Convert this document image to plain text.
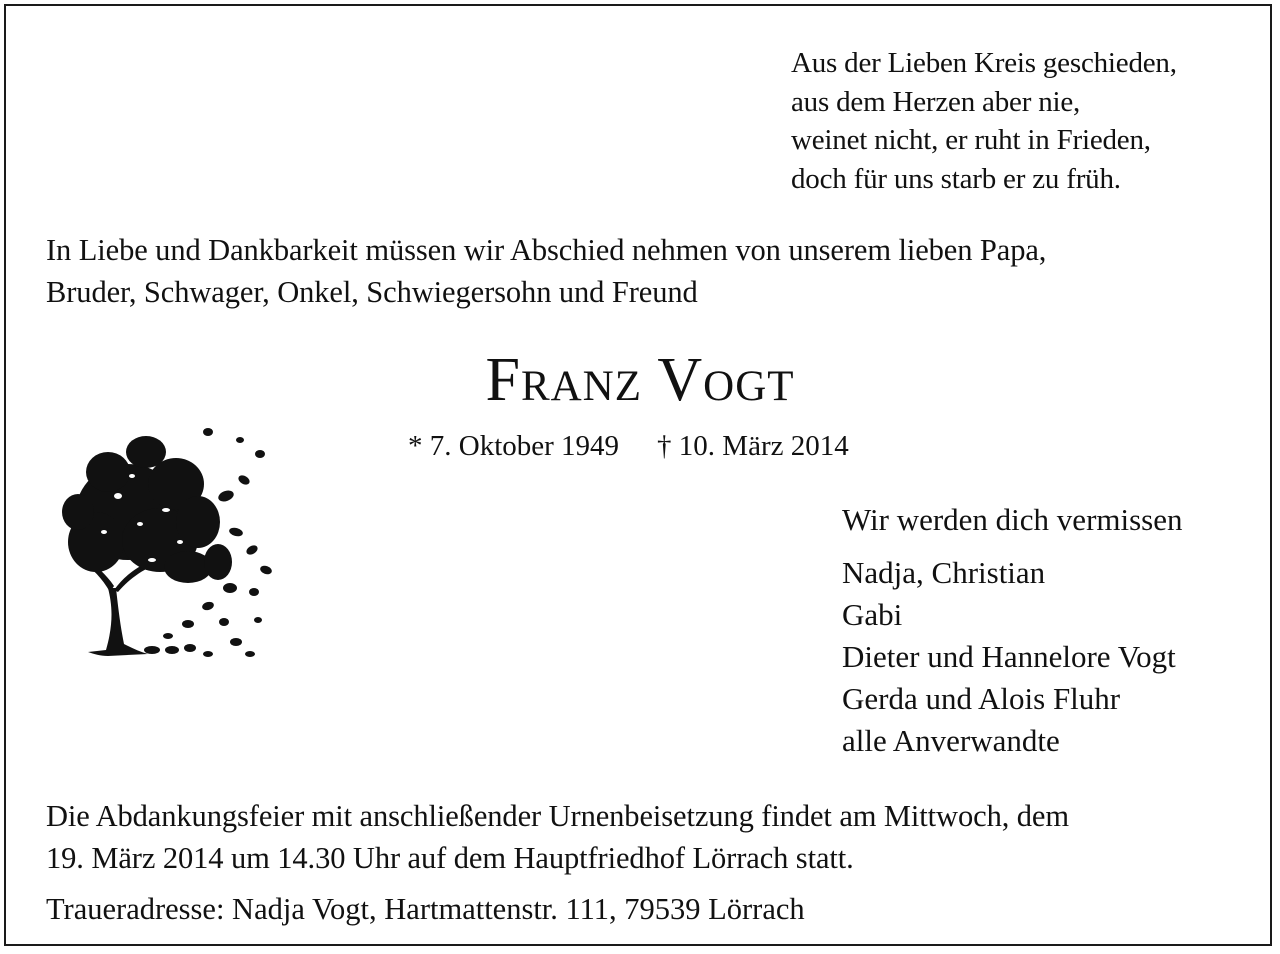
Aus der Lieben Kreis geschieden,
aus dem Herzen aber nie,
weinet nicht, er ruht in Frieden,
doch für uns starb er zu früh.
In Liebe und Dankbarkeit müssen wir Abschied nehmen von unserem lieben Papa,
Bruder, Schwager, Onkel, Schwiegersohn und Freund
Franz Vogt
* 7. Oktober 1949 † 10. März 2014
Wir werden dich vermissen
Nadja, Christian
Gabi
Dieter und Hannelore Vogt
Gerda und Alois Fluhr
alle Anverwandte
Die Abdankungsfeier mit anschließender Urnenbeisetzung findet am Mittwoch, dem
19. März 2014 um 14.30 Uhr auf dem Hauptfriedhof Lörrach statt.
Traueradresse: Nadja Vogt, Hartmattenstr. 111, 79539 Lörrach
